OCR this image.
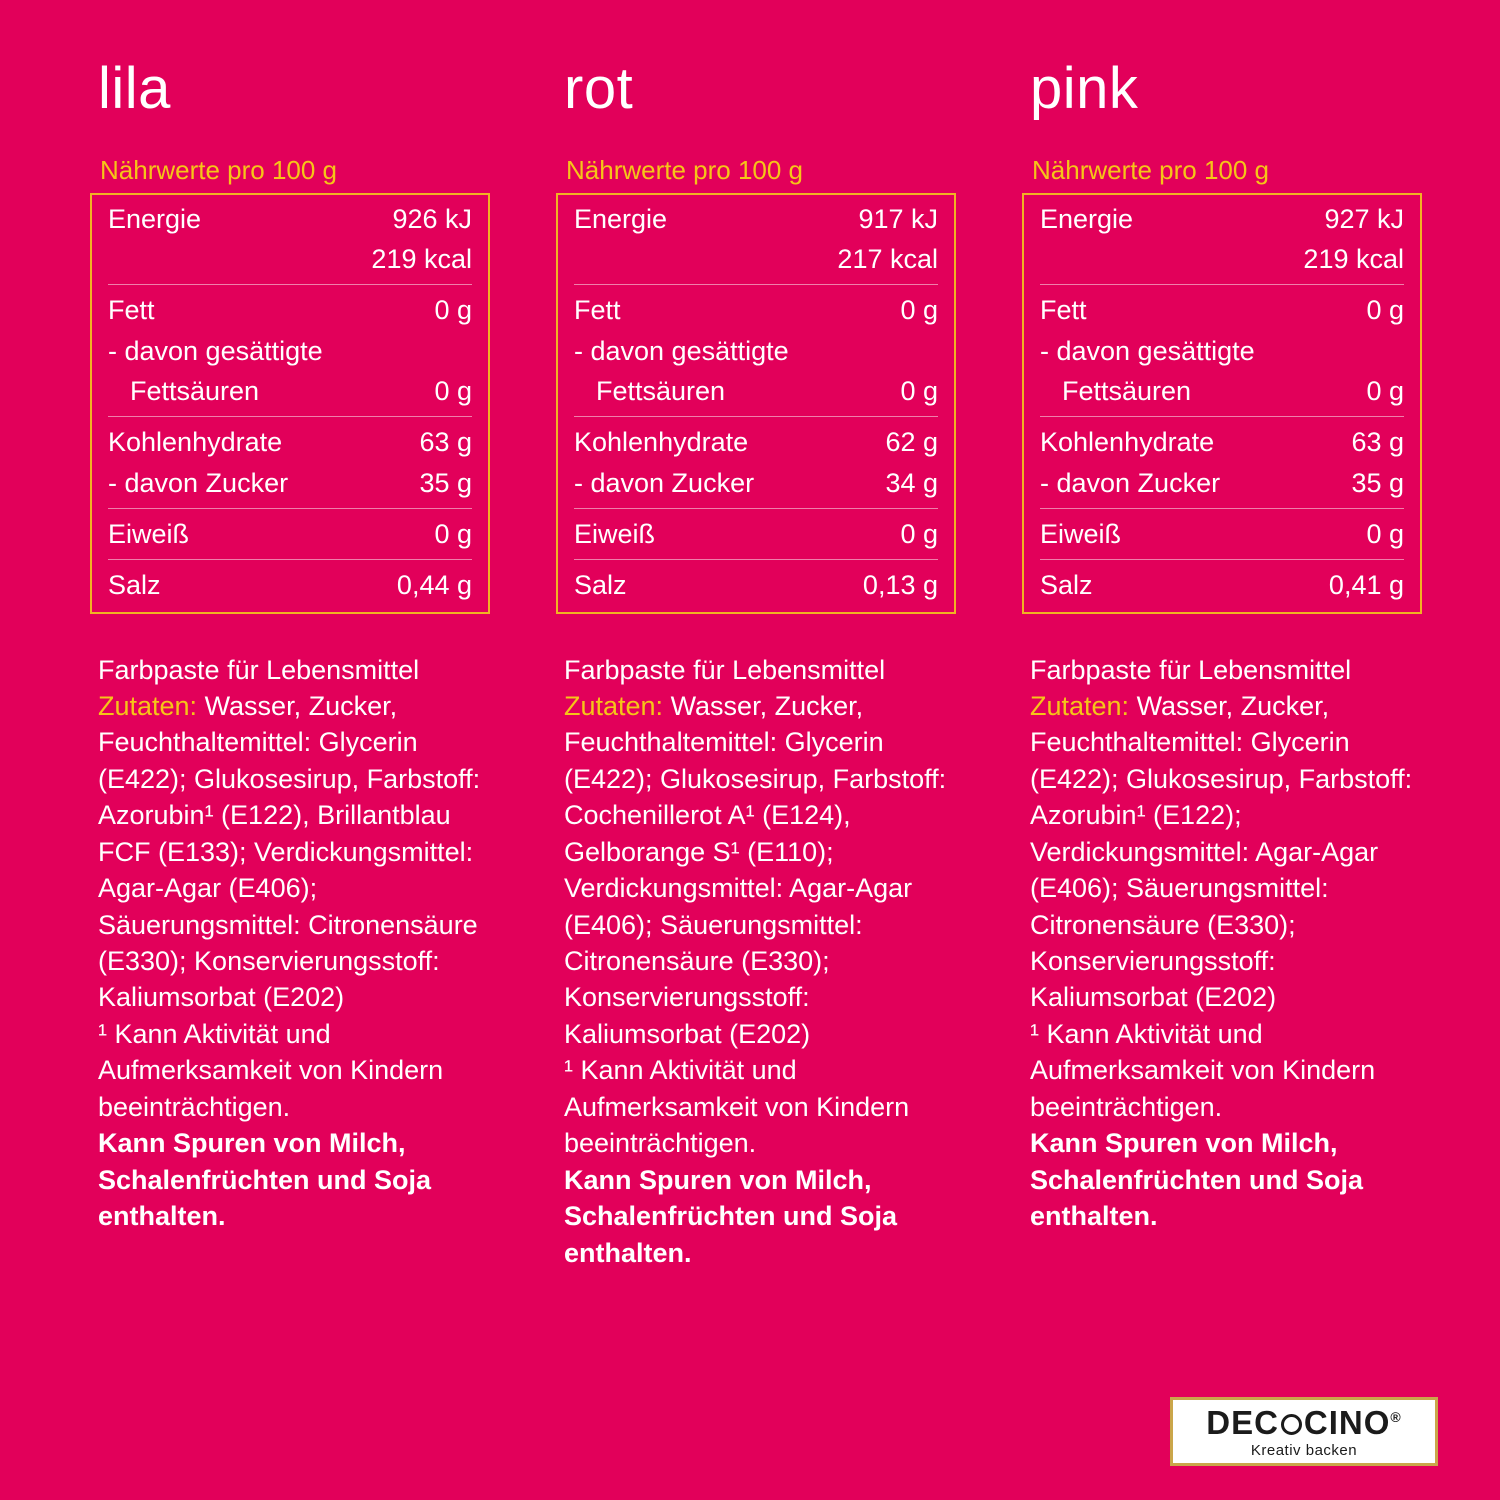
lila
Nährwerte pro 100 g
Energie	926 kJ
219 kcal
Fett	0 g
- davon gesättigte
Fettsäuren	0 g
Kohlenhydrate	63 g
- davon Zucker	35 g
Eiweiß	0 g
Salz	0,44 g

Farbpaste für Lebensmittel

Zutaten: Wasser, Zucker, Feuchthaltemittel: Glycerin (E422); Glukosesirup, Farbstoff: Azorubin¹ (E122), Brillantblau FCF (E133); Verdickungsmittel: Agar-Agar (E406); Säuerungsmittel: Citronensäure (E330); Konservierungsstoff: Kaliumsorbat (E202)

¹ Kann Aktivität und Aufmerksamkeit von Kindern beeinträchtigen.

Kann Spuren von Milch, Schalenfrüchten und Soja enthalten.

rot
Nährwerte pro 100 g
Energie	917 kJ
217 kcal
Fett	0 g
- davon gesättigte
Fettsäuren	0 g
Kohlenhydrate	62 g
- davon Zucker	34 g
Eiweiß	0 g
Salz	0,13 g

Farbpaste für Lebensmittel

Zutaten: Wasser, Zucker, Feuchthaltemittel: Glycerin (E422); Glukosesirup, Farbstoff: Cochenillerot A¹ (E124), Gelborange S¹ (E110); Verdickungsmittel: Agar-Agar (E406); Säuerungsmittel: Citronensäure (E330); Konservierungsstoff: Kaliumsorbat (E202)

¹ Kann Aktivität und Aufmerksamkeit von Kindern beeinträchtigen.

Kann Spuren von Milch, Schalenfrüchten und Soja enthalten.

pink
Nährwerte pro 100 g
Energie	927 kJ
219 kcal
Fett	0 g
- davon gesättigte
Fettsäuren	0 g
Kohlenhydrate	63 g
- davon Zucker	35 g
Eiweiß	0 g
Salz	0,41 g

Farbpaste für Lebensmittel

Zutaten: Wasser, Zucker, Feuchthaltemittel: Glycerin (E422); Glukosesirup, Farbstoff: Azorubin¹ (E122); Verdickungsmittel: Agar-Agar (E406); Säuerungsmittel: Citronensäure (E330); Konservierungsstoff: Kaliumsorbat (E202)

¹ Kann Aktivität und Aufmerksamkeit von Kindern beeinträchtigen.

Kann Spuren von Milch, Schalenfrüchten und Soja enthalten.

DEC CINO®
Kreativ backen
